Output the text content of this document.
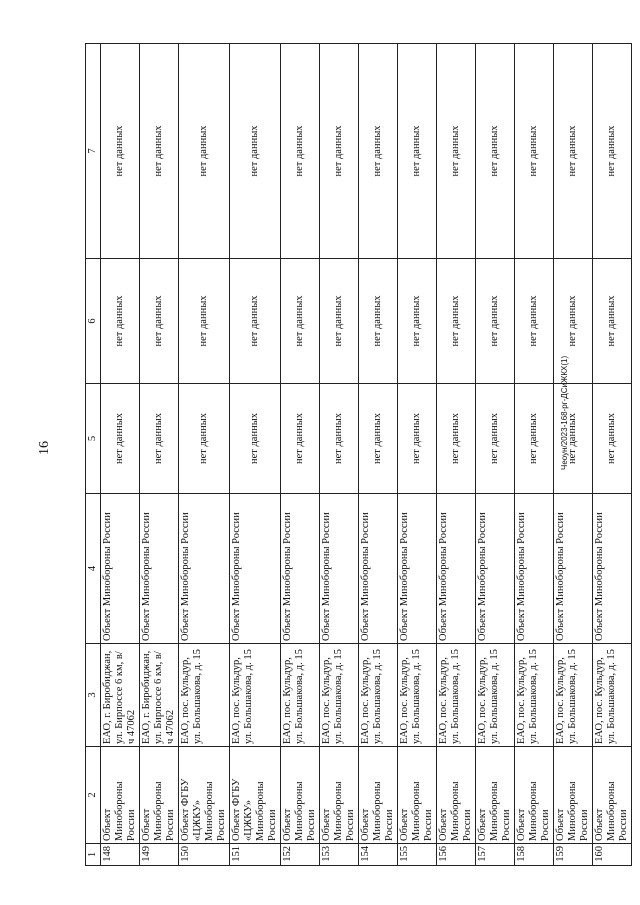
16	Чеоун/2023-168-рг-ДСиЖКХ(1)
1	2	3	4	5	6	7
148	Объект Минобороны России	ЕАО, г. Биробиджан, ул. Бирпоссе 6 км, в/ч 47062	Объект Минобороны России	нет данных	нет данных	нет данных
149	Объект Минобороны России	ЕАО, г. Биробиджан, ул. Бирпоссе 6 км, в/ч 47062	Объект Минобороны России	нет данных	нет данных	нет данных
150	Объект ФГБУ «ЦЖКУ» Минобороны России	ЕАО, пос. Кульдур, ул. Большакова, д. 15	Объект Минобороны России	нет данных	нет данных	нет данных
151	Объект ФГБУ «ЦЖКУ» Минобороны России	ЕАО, пос. Кульдур, ул. Большакова, д. 15	Объект Минобороны России	нет данных	нет данных	нет данных
152	Объект Минобороны России	ЕАО, пос. Кульдур, ул. Большакова, д. 15	Объект Минобороны России	нет данных	нет данных	нет данных
153	Объект Минобороны России	ЕАО, пос. Кульдур, ул. Большакова, д. 15	Объект Минобороны России	нет данных	нет данных	нет данных
154	Объект Минобороны России	ЕАО, пос. Кульдур, ул. Большакова, д. 15	Объект Минобороны России	нет данных	нет данных	нет данных
155	Объект Минобороны России	ЕАО, пос. Кульдур, ул. Большакова, д. 15	Объект Минобороны России	нет данных	нет данных	нет данных
156	Объект Минобороны России	ЕАО, пос. Кульдур, ул. Большакова, д. 15	Объект Минобороны России	нет данных	нет данных	нет данных
157	Объект Минобороны России	ЕАО, пос. Кульдур, ул. Большакова, д. 15	Объект Минобороны России	нет данных	нет данных	нет данных
158	Объект Минобороны России	ЕАО, пос. Кульдур, ул. Большакова, д. 15	Объект Минобороны России	нет данных	нет данных	нет данных
159	Объект Минобороны России	ЕАО, пос. Кульдур, ул. Большакова, д. 15	Объект Минобороны России	нет данных	нет данных	нет данных
160	Объект Минобороны России	ЕАО, пос. Кульдур, ул. Большакова, д. 15	Объект Минобороны России	нет данных	нет данных	нет данных
